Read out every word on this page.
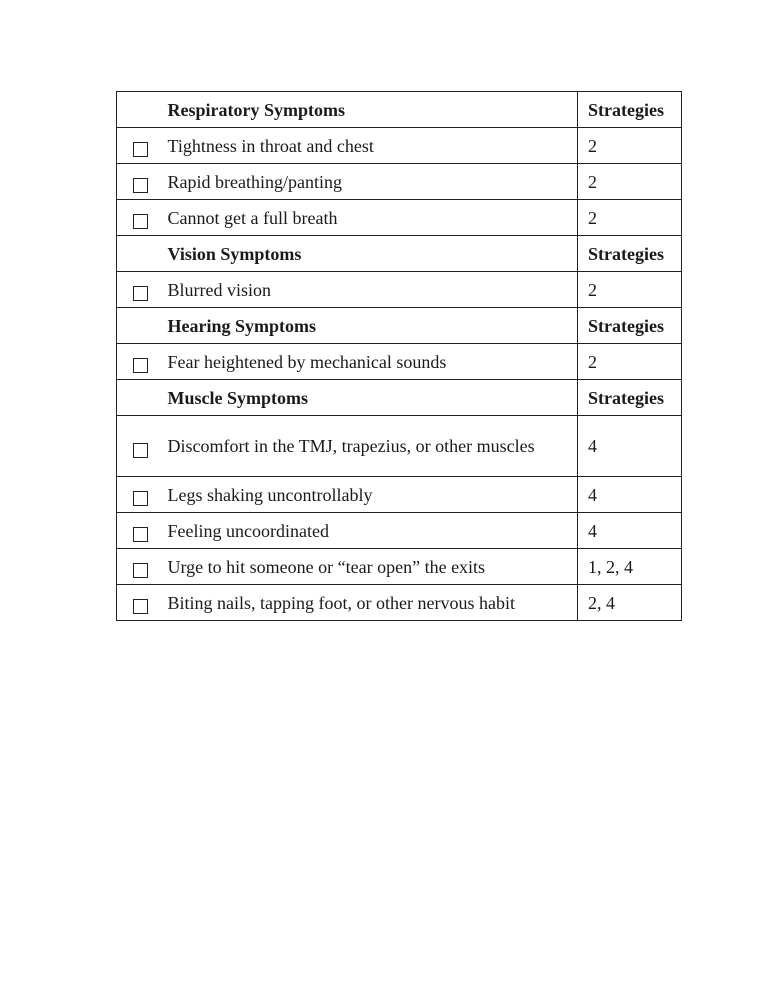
	Respiratory Symptoms	Strategies
	Tightness in throat and chest	2
	Rapid breathing/panting	2
	Cannot get a full breath	2
	Vision Symptoms	Strategies
	Blurred vision	2
	Hearing Symptoms	Strategies
	Fear heightened by mechanical sounds	2
	Muscle Symptoms	Strategies
	Discomfort in the TMJ, trapezius, or other muscles	4
	Legs shaking uncontrollably	4
	Feeling uncoordinated	4
	Urge to hit someone or “tear open” the exits	1, 2, 4
	Biting nails, tapping foot, or other nervous habit	2, 4
